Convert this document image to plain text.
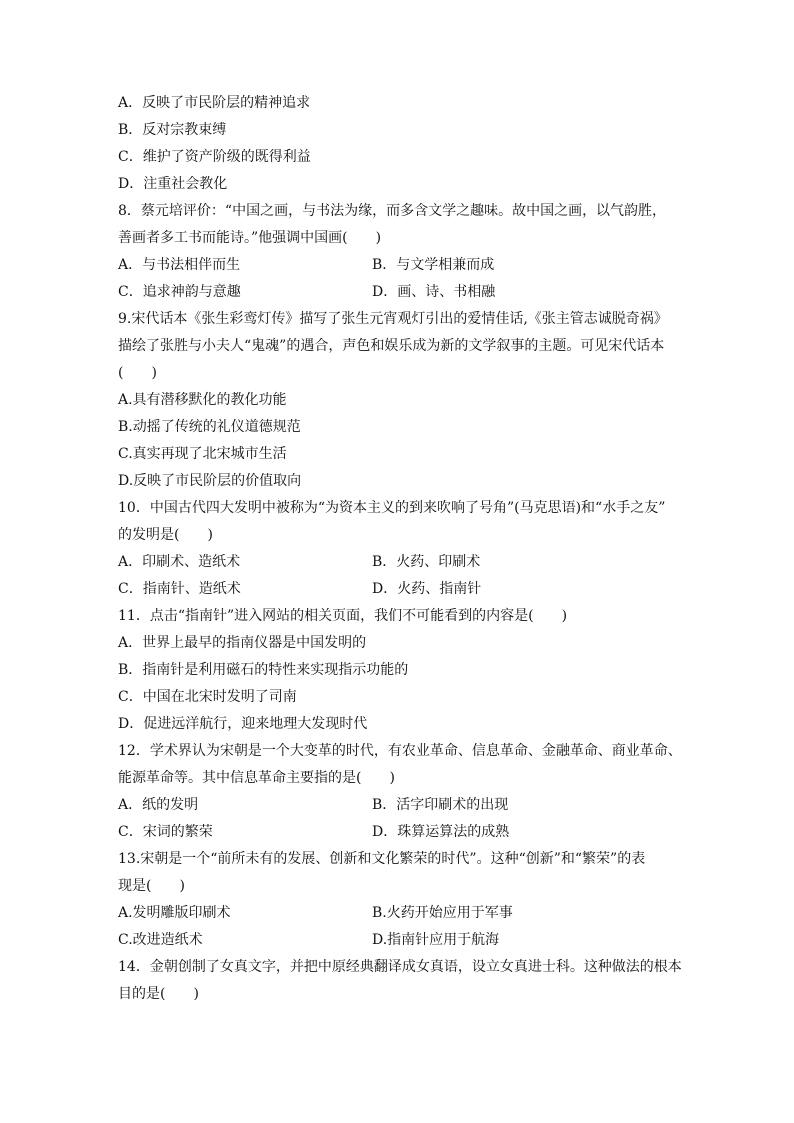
A．反映了市民阶层的精神追求
B．反对宗教束缚
C．维护了资产阶级的既得利益
D．注重社会教化
8．蔡元培评价：“中国之画，与书法为缘，而多含文学之趣味。故中国之画，以气韵胜，
善画者多工书而能诗。”他强调中国画(　　)
A．与书法相伴而生	B．与文学相兼而成
C．追求神韵与意趣	D．画、诗、书相融
9.宋代话本《张生彩鸾灯传》描写了张生元宵观灯引出的爱情佳话,《张主管志诚脱奇祸》
描绘了张胜与小夫人“鬼魂”的遇合，声色和娱乐成为新的文学叙事的主题。可见宋代话本
(　　)
A.具有潜移默化的教化功能
B.动摇了传统的礼仪道德规范
C.真实再现了北宋城市生活
D.反映了市民阶层的价值取向
10．中国古代四大发明中被称为“为资本主义的到来吹响了号角”(马克思语)和“水手之友”
的发明是(　　)
A．印刷术、造纸术	B．火药、印刷术
C．指南针、造纸术	D．火药、指南针
11．点击“指南针”进入网站的相关页面，我们不可能看到的内容是(　　)
A．世界上最早的指南仪器是中国发明的
B．指南针是利用磁石的特性来实现指示功能的
C．中国在北宋时发明了司南
D．促进远洋航行，迎来地理大发现时代
12．学术界认为宋朝是一个大变革的时代，有农业革命、信息革命、金融革命、商业革命、
能源革命等。其中信息革命主要指的是(　　)
A．纸的发明	B．活字印刷术的出现
C．宋词的繁荣	D．珠算运算法的成熟
13.宋朝是一个“前所未有的发展、创新和文化繁荣的时代”。这种“创新”和“繁荣”的表
现是(　　)
A.发明雕版印刷术	B.火药开始应用于军事
C.改进造纸术	D.指南针应用于航海
14．金朝创制了女真文字，并把中原经典翻译成女真语，设立女真进士科。这种做法的根本
目的是(　　)
